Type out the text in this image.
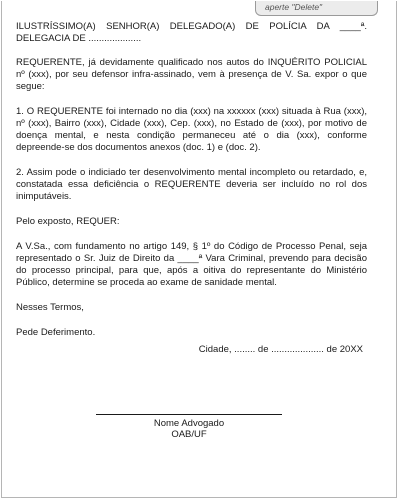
aperte "Delete"

ILUSTRÍSSIMO(A) SENHOR(A) DELEGADO(A) DE POLÍCIA DA ____ª. DELEGACIA DE ....................

REQUERENTE, já devidamente qualificado nos autos do INQUÉRITO POLICIAL nº (xxx), por seu defensor infra-assinado, vem à presença de V. Sa. expor o que segue:

1. O REQUERENTE foi internado no dia (xxx) na xxxxxx (xxx) situada à Rua (xxx), nº (xxx), Bairro (xxx), Cidade (xxx), Cep. (xxx), no Estado de (xxx), por motivo de doença mental, e nesta condição permaneceu até o dia (xxx), conforme depreende-se dos documentos anexos (doc. 1) e (doc. 2).

2. Assim pode o indiciado ter desenvolvimento mental incompleto ou retardado, e, constatada essa deficiência o REQUERENTE deveria ser incluído no rol dos inimputáveis.

Pelo exposto, REQUER:

A V.Sa., com fundamento no artigo 149, § 1º do Código de Processo Penal, seja representado o Sr. Juiz de Direito da ____ª Vara Criminal, prevendo para decisão do processo principal, para que, após a oitiva do representante do Ministério Público, determine se proceda ao exame de sanidade mental.

Nesses Termos,

Pede Deferimento.

Cidade, ........ de .................... de 20XX
Nome Advogado
OAB/UF
